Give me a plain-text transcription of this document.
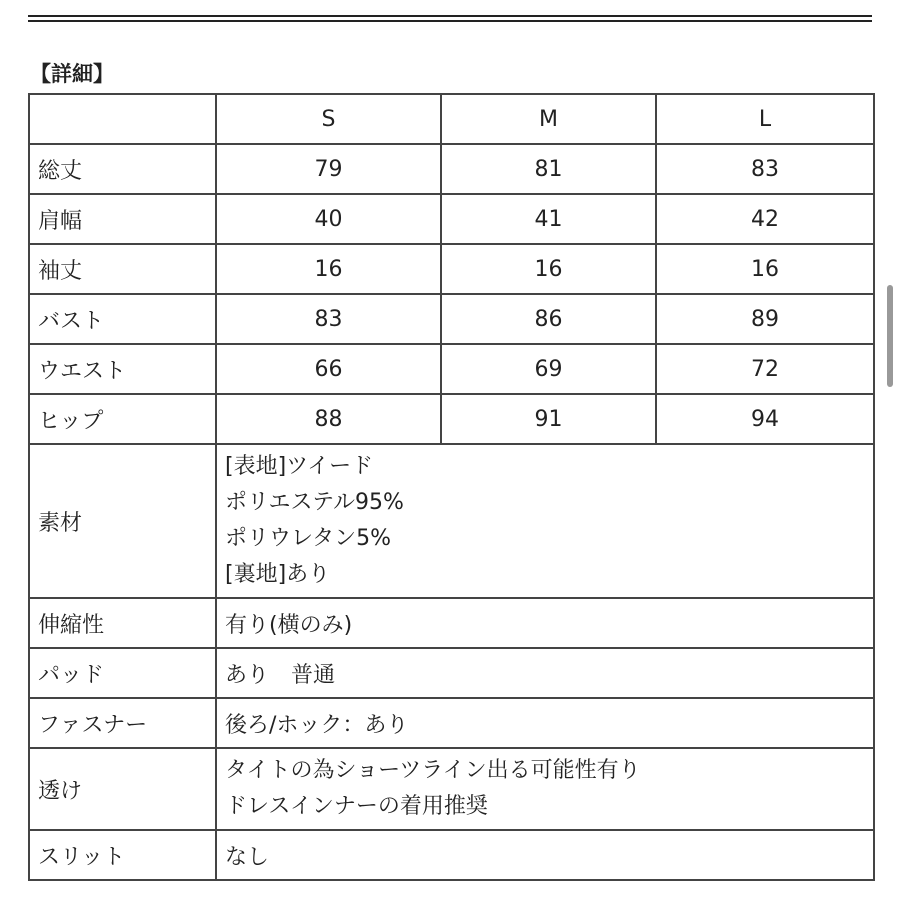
【詳細】
	S	M	L
総丈	79	81	83
肩幅	40	41	42
袖丈	16	16	16
バスト	83	86	89
ウエスト	66	69	72
ヒップ	88	91	94
素材	[表地]ツイード
ポリエステル95%
ポリウレタン5%
[裏地]あり		

伸縮性	有り(横のみ)		

パッド	あり　普通		

ファスナー	後ろ/ホック：あり		

透け	タイトの為ショーツライン出る可能性有り
ドレスインナーの着用推奨		

スリット	なし		
